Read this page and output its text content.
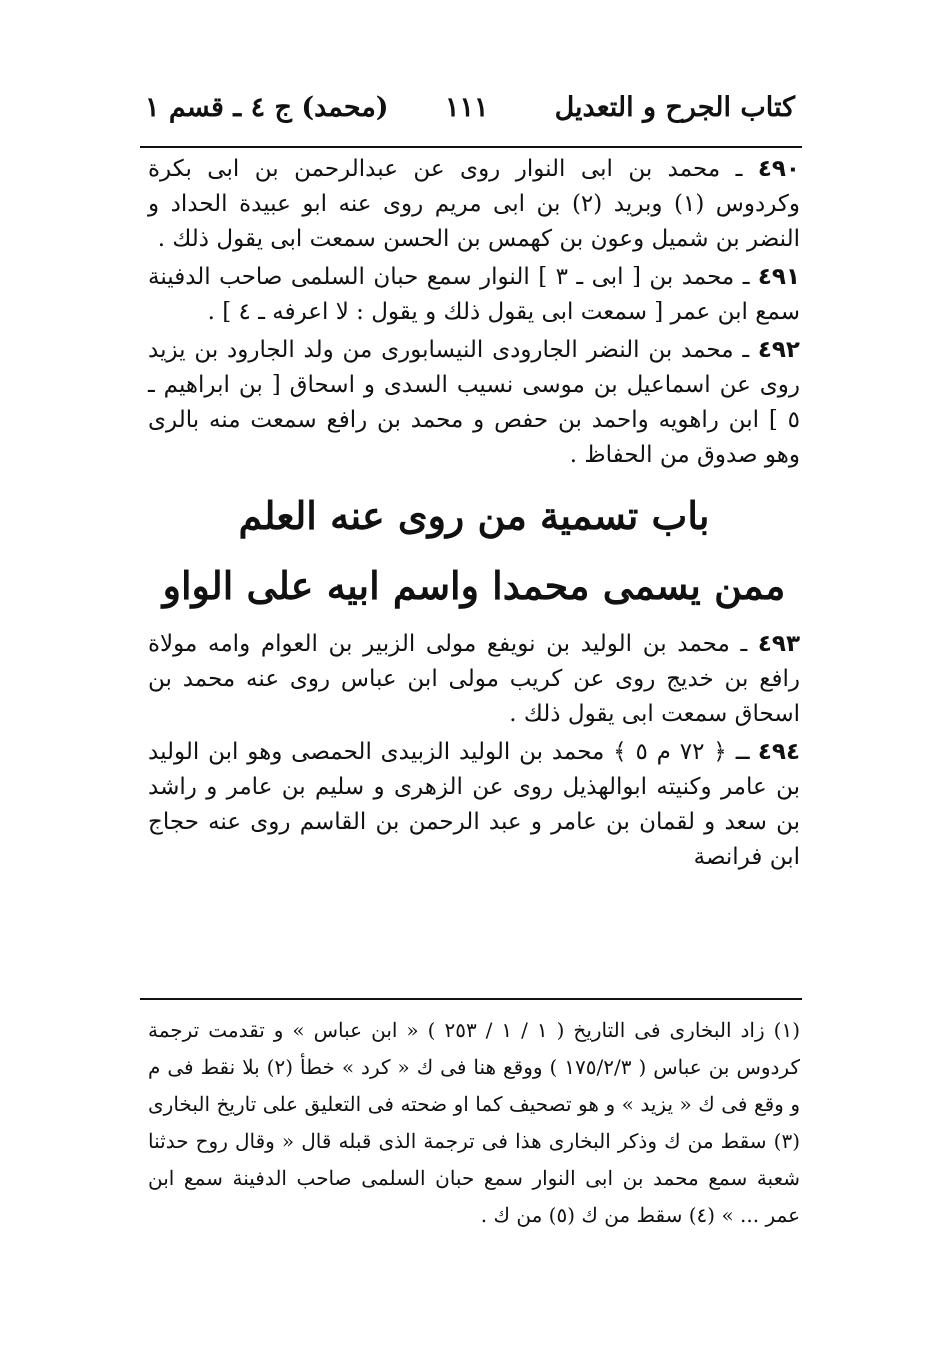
كتاب الجرح و التعديل
١١١
(محمد) ج ٤ ـ قسم ١

٤٩٠ ـ محمد بن ابى النوار روى عن عبدالرحمن بن ابى بكرة وكردوس (١) وبريد (٢) بن ابى مريم روى عنه ابو عبيدة الحداد و النضر بن شميل وعون بن كهمس بن الحسن سمعت ابى يقول ذلك .

٤٩١ ـ محمد بن [ ابى ـ ٣ ] النوار سمع حبان السلمى صاحب الدفينة سمع ابن عمر [ سمعت ابى يقول ذلك و يقول : لا اعرفه ـ ٤ ] .

٤٩٢ ـ محمد بن النضر الجارودى النيسابورى من ولد الجارود بن يزيد روى عن اسماعيل بن موسى نسيب السدى و اسحاق [ بن ابراهيم ـ ٥ ] ابن راهويه واحمد بن حفص و محمد بن رافع سمعت منه بالرى وهو صدوق من الحفاظ .

باب تسمية من روى عنه العلم
ممن يسمى محمدا واسم ابيه على الواو

٤٩٣ ـ محمد بن الوليد بن نويفع مولى الزبير بن العوام وامه مولاة رافع بن خديج روى عن كريب مولى ابن عباس روى عنه محمد بن اسحاق سمعت ابى يقول ذلك .

٤٩٤ ـ ﴿ ٧٢ م ٥ ﴾ محمد بن الوليد الزبيدى الحمصى وهو ابن الوليد بن عامر وكنيته ابوالهذيل روى عن الزهرى و سليم بن عامر و راشد بن سعد و لقمان بن عامر و عبد الرحمن بن القاسم روى عنه حجاج ابن فرانصة

(١) زاد البخارى فى التاريخ ( ١ / ١ / ٢٥٣ ) « ابن عباس » و تقدمت ترجمة كردوس بن عباس ( ١٧٥/٢/٣ ) ووقع هنا فى ك « كرد » خطأ (٢) بلا نقط فى م و وقع فى ك « يزيد » و هو تصحيف كما او ضحته فى التعليق على تاريخ البخارى (٣) سقط من ك وذكر البخارى هذا فى ترجمة الذى قبله قال « وقال روح حدثنا شعبة سمع محمد بن ابى النوار سمع حبان السلمى صاحب الدفينة سمع ابن عمر ... » (٤) سقط من ك (٥) من ك .
